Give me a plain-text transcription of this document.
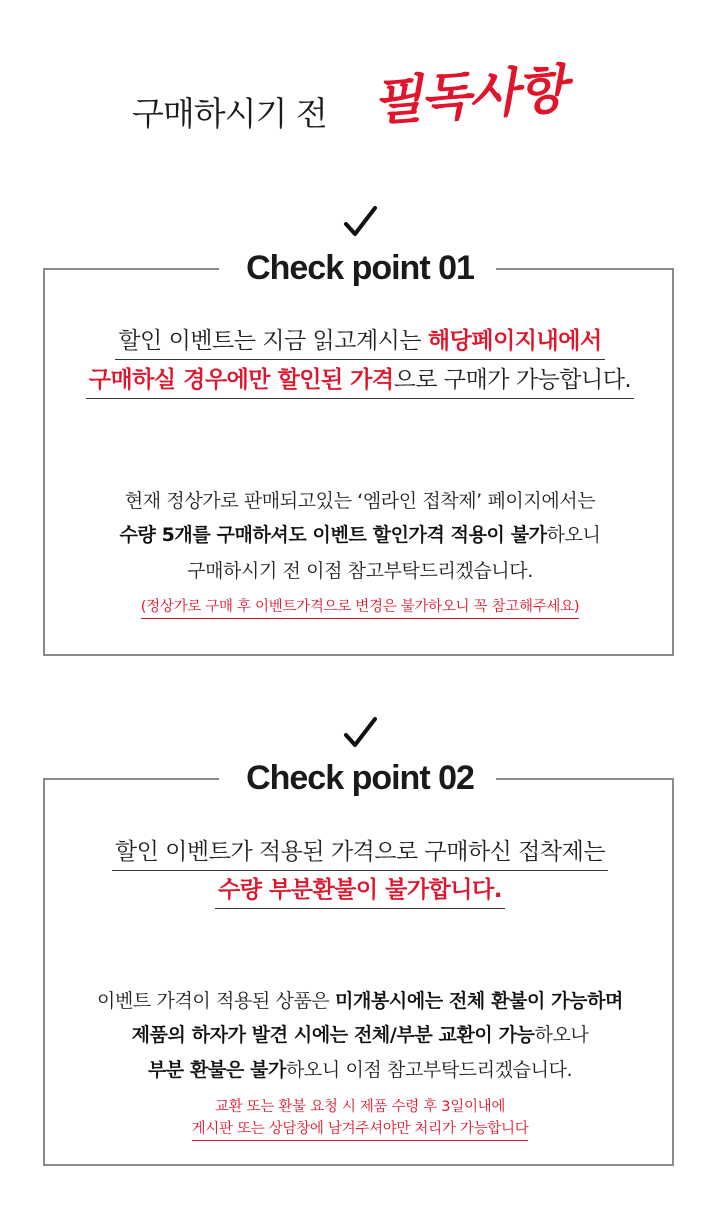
구매하시기 전 필독사항
Check point 01
할인 이벤트는 지금 읽고계시는 해당페이지내에서
구매하실 경우에만 할인된 가격으로 구매가 가능합니다.
현재 정상가로 판매되고있는 ‘엠라인 접착제’ 페이지에서는
수량 5개를 구매하셔도 이벤트 할인가격 적용이 불가하오니
구매하시기 전 이점 참고부탁드리겠습니다.
(정상가로 구매 후 이벤트가격으로 변경은 불가하오니 꼭 참고해주세요)
Check point 02
할인 이벤트가 적용된 가격으로 구매하신 접착제는
수량 부분환불이 불가합니다.
이벤트 가격이 적용된 상품은 미개봉시에는 전체 환불이 가능하며
제품의 하자가 발견 시에는 전체/부분 교환이 가능하오나
부분 환불은 불가하오니 이점 참고부탁드리겠습니다.
교환 또는 환불 요청 시 제품 수령 후 3일이내에
게시판 또는 상담창에 남겨주셔야만 처리가 가능합니다
